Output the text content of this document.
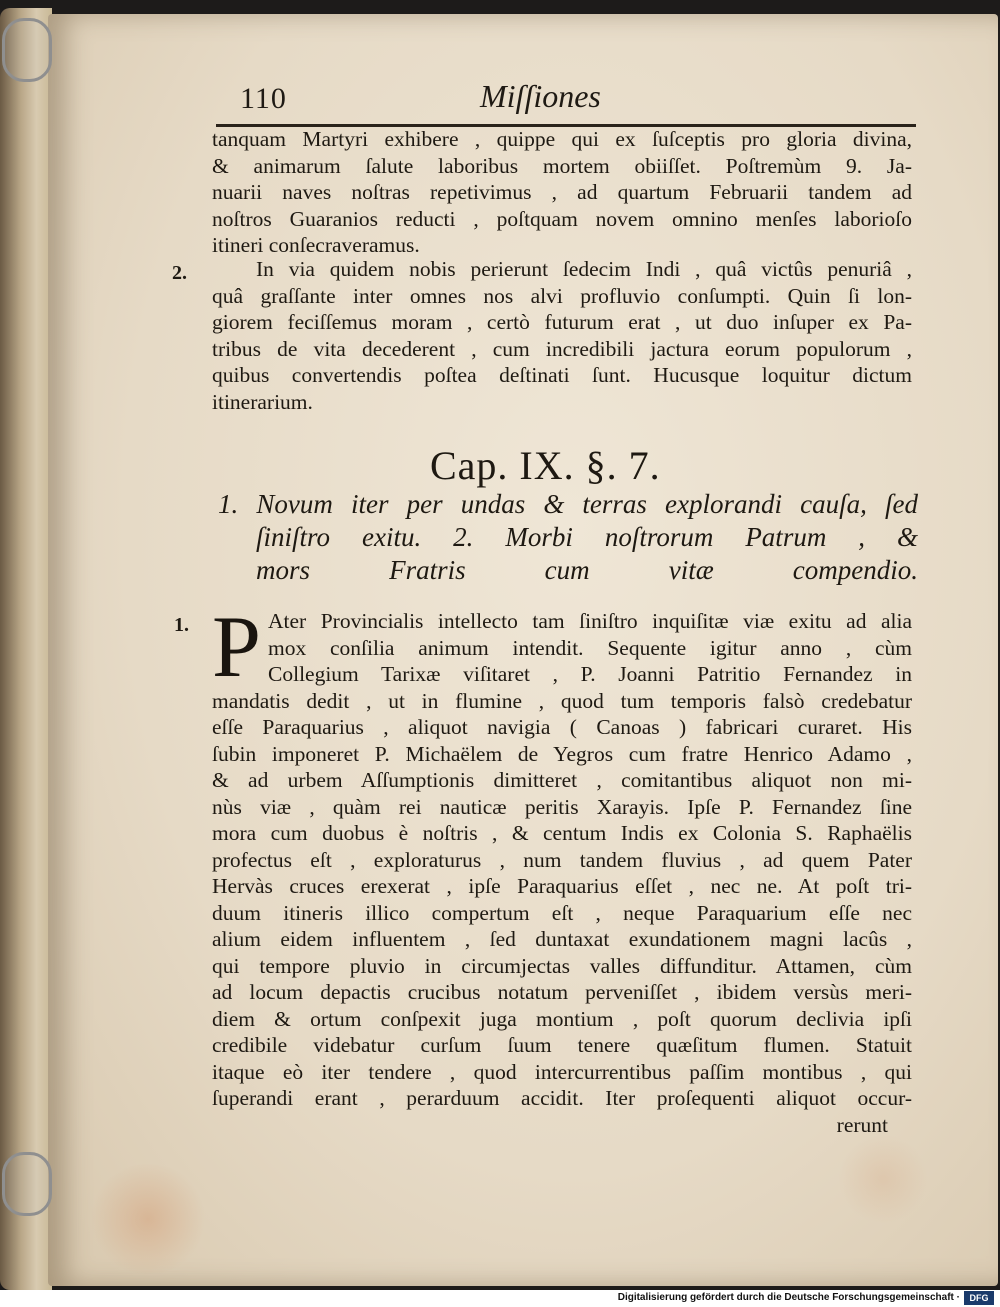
110	Miſſiones
tanquam Martyri exhibere , quippe qui ex ſuſceptis pro gloria divina,
& animarum ſalute laboribus mortem obiiſſet. Poſtremùm 9. Ja-
nuarii naves noſtras repetivimus , ad quartum Februarii tandem ad
noſtros Guaranios reducti , poſtquam novem omnino menſes laborioſo
itineri conſecraveramus.
2.	In via quidem nobis perierunt ſedecim Indi , quâ victûs penuriâ ,
quâ graſſante inter omnes nos alvi profluvio conſumpti. Quin ſi lon-
giorem feciſſemus moram , certò futurum erat , ut duo inſuper ex Pa-
tribus de vita decederent , cum incredibili jactura eorum populorum ,
quibus convertendis poſtea deſtinati ſunt. Hucusque loquitur dictum
itinerarium.
Cap. IX. §. 7.
1. Novum iter per undas & terras explorandi cauſa, ſed
ſiniſtro exitu. 2. Morbi noſtrorum Patrum , &
mors Fratris cum vitæ compendio.
1. P Ater Provincialis intellecto tam ſiniſtro inquiſitæ viæ exitu ad alia
mox conſilia animum intendit. Sequente igitur anno , cùm
Collegium Tarixæ viſitaret , P. Joanni Patritio Fernandez in
mandatis dedit , ut in flumine , quod tum temporis falsò credebatur
eſſe Paraquarius , aliquot navigia ( Canoas ) fabricari curaret. His
ſubin imponeret P. Michaëlem de Yegros cum fratre Henrico Adamo ,
& ad urbem Aſſumptionis dimitteret , comitantibus aliquot non mi-
nùs viæ , quàm rei nauticæ peritis Xarayis. Ipſe P. Fernandez ſine
mora cum duobus è noſtris , & centum Indis ex Colonia S. Raphaëlis
profectus eſt , exploraturus , num tandem fluvius , ad quem Pater
Hervàs cruces erexerat , ipſe Paraquarius eſſet , nec ne. At poſt tri-
duum itineris illico compertum eſt , neque Paraquarium eſſe nec
alium eidem influentem , ſed duntaxat exundationem magni lacûs ,
qui tempore pluvio in circumjectas valles diffunditur. Attamen, cùm
ad locum depactis crucibus notatum perveniſſet , ibidem versùs meri-
diem & ortum conſpexit juga montium , poſt quorum declivia ipſi
credibile videbatur curſum ſuum tenere quæſitum flumen. Statuit
itaque eò iter tendere , quod intercurrentibus paſſim montibus , qui
ſuperandi erant , perarduum accidit. Iter proſequenti aliquot occur-
rerunt
Digitalisierung gefördert durch die Deutsche Forschungsgemeinschaft ·	DFG
